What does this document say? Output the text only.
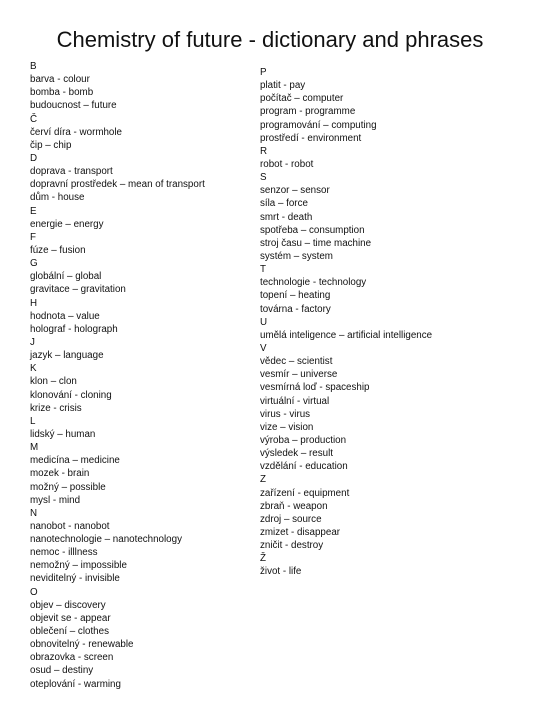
Chemistry of future - dictionary and phrases
B
barva - colour
bomba - bomb
budoucnost – future
Č
červí díra - wormhole
čip – chip
D
doprava - transport
dopravní prostředek – mean of transport
dům - house
E
energie – energy
F
fúze – fusion
G
globální – global
gravitace – gravitation
H
hodnota – value
holograf - holograph
J
jazyk – language
K
klon – clon
klonování - cloning
krize - crisis
L
lidský – human
M
medicína – medicine
mozek - brain
možný – possible
mysl - mind
N
nanobot - nanobot
nanotechnologie – nanotechnology
nemoc - illlness
nemožný – impossible
neviditelný - invisible
O
objev – discovery
objevit se - appear
oblečení – clothes
obnovitelný - renewable
obrazovka - screen
osud – destiny
oteplování - warming
P
platit - pay
počítač – computer
program - programme
programování – computing
prostředí - environment
R
robot - robot
S
senzor – sensor
síla – force
smrt - death
spotřeba – consumption
stroj času – time machine
systém – system
T
technologie - technology
topení – heating
továrna - factory
U
umělá inteligence – artificial intelligence
V
vědec – scientist
vesmír – universe
vesmírná loď - spaceship
virtuální - virtual
virus - virus
vize – vision
výroba – production
výsledek – result
vzdělání - education
Z
zařízení - equipment
zbraň - weapon
zdroj – source
zmizet - disappear
zničit - destroy
Ž
život - life
